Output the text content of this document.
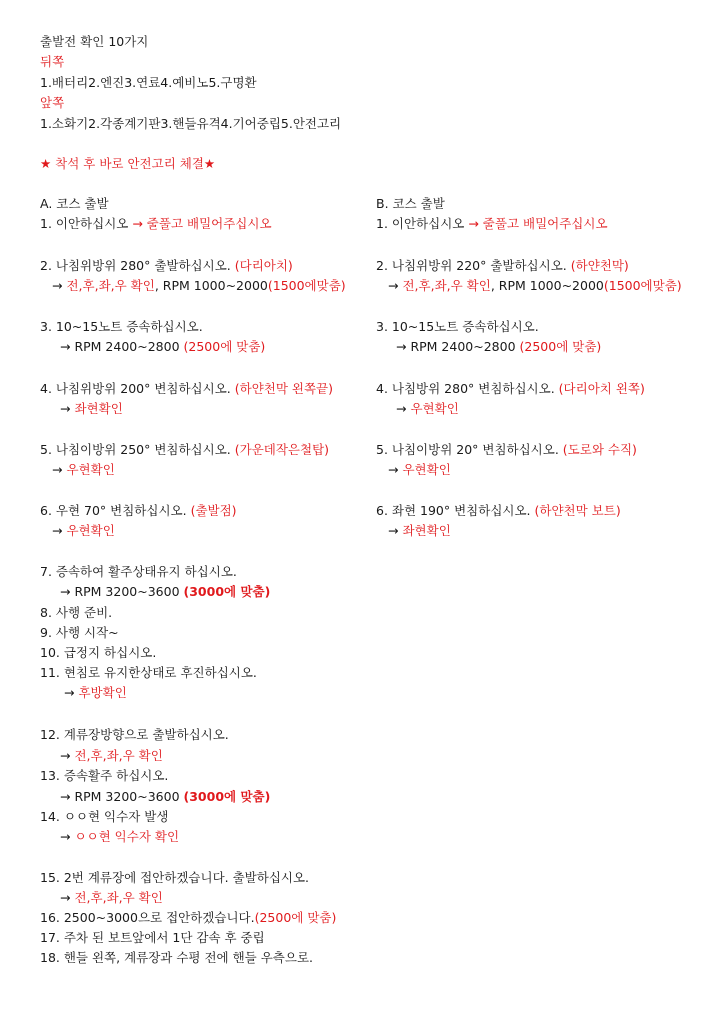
출발전 확인 10가지
뒤쪽
1.배터리2.엔진3.연료4.예비노5.구명환
앞쪽
1.소화기2.각종계기판3.핸들유격4.기어중립5.안전고리
★ 착석 후 바로 안전고리 체결★
A. 코스 출발
1. 이안하십시오 → 줄풀고 배밀어주십시오
2. 나침위방위 280° 출발하십시오. (다리아치)
→ 전,후,좌,우 확인, RPM 1000~2000(1500에맞춤)
3. 10~15노트 증속하십시오.
→ RPM 2400~2800 (2500에 맞춤)
4. 나침위방위 200° 변침하십시오. (하얀천막 왼쪽끝)
→ 좌현확인
5. 나침이방위 250° 변침하십시오. (가운데작은철탑)
→ 우현확인
6. 우현 70° 변침하십시오. (출발점)
→ 우현확인
B. 코스 출발
1. 이안하십시오 → 줄풀고 배밀어주십시오
2. 나침위방위 220° 출발하십시오. (하얀천막)
→ 전,후,좌,우 확인, RPM 1000~2000(1500에맞춤)
3. 10~15노트 증속하십시오.
→ RPM 2400~2800 (2500에 맞춤)
4. 나침방위 280° 변침하십시오. (다리아치 왼쪽)
→ 우현확인
5. 나침이방위 20° 변침하십시오. (도로와 수직)
→ 우현확인
6. 좌현 190° 변침하십시오. (하얀천막 보트)
→ 좌현확인
7. 증속하여 활주상태유지 하십시오.
→ RPM 3200~3600 (3000에 맞춤)
8. 사행 준비.
9. 사행 시작~
10. 급정지 하십시오.
11. 현침로 유지한상태로 후진하십시오.
→ 후방확인
12. 계류장방향으로 출발하십시오.
→ 전,후,좌,우 확인
13. 증속활주 하십시오.
→ RPM 3200~3600 (3000에 맞춤)
14. ㅇㅇ현 익수자 발생
→ ㅇㅇ현 익수자 확인
15. 2번 계류장에 접안하겠습니다. 출발하십시오.
→ 전,후,좌,우 확인
16. 2500~3000으로 접안하겠습니다.(2500에 맞춤)
17. 주차 된 보트앞에서 1단 감속 후 중립
18. 핸들 왼쪽, 계류장과 수평 전에 핸들 우측으로.
